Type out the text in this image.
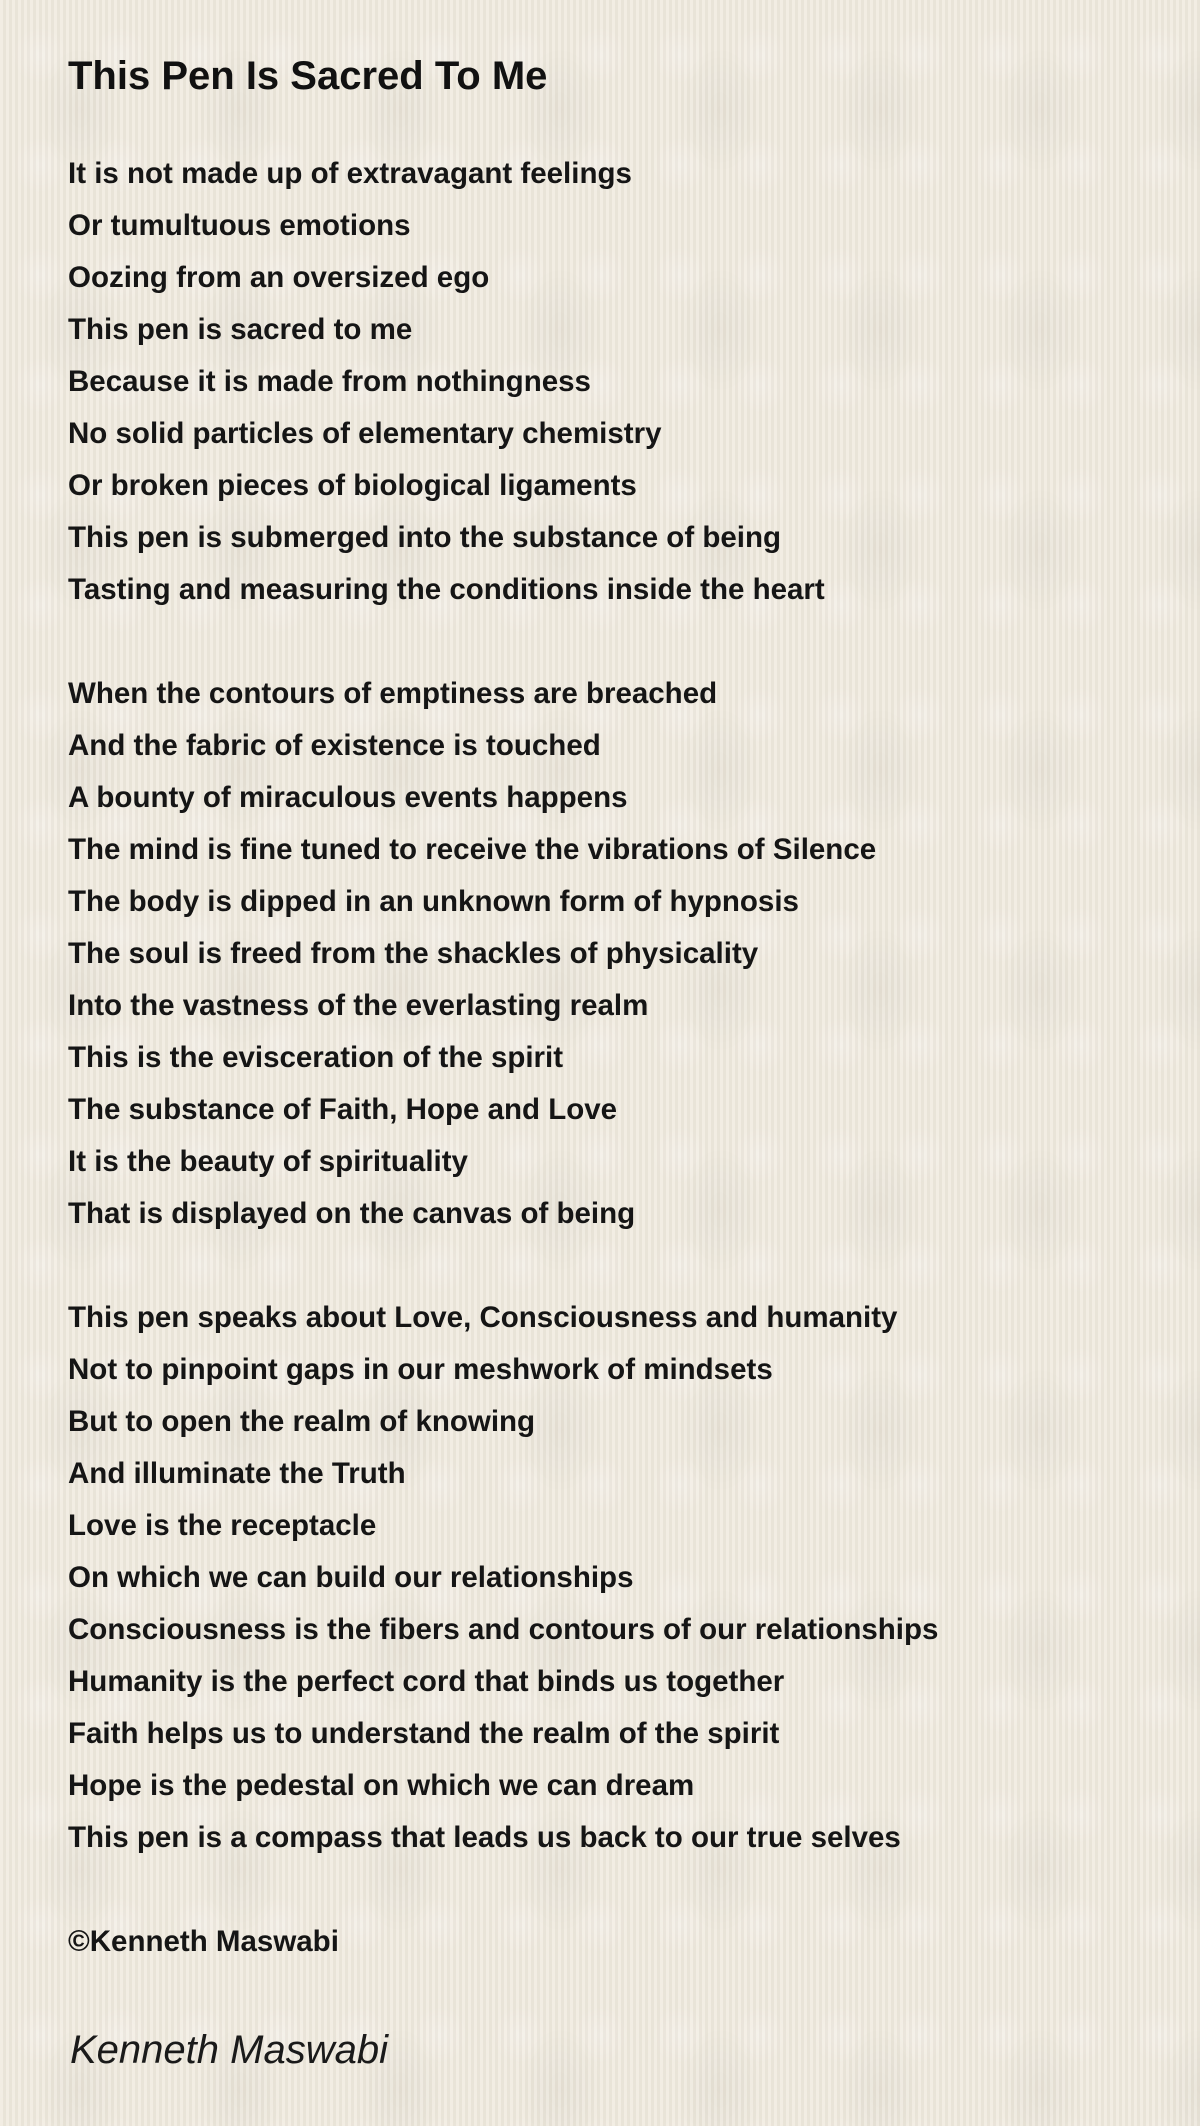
This Pen Is Sacred To Me
It is not made up of extravagant feelings
Or tumultuous emotions
Oozing from an oversized ego
This pen is sacred to me
Because it is made from nothingness
No solid particles of elementary chemistry
Or broken pieces of biological ligaments
This pen is submerged into the substance of being
Tasting and measuring the conditions inside the heart
When the contours of emptiness are breached
And the fabric of existence is touched
A bounty of miraculous events happens
The mind is fine tuned to receive the vibrations of Silence
The body is dipped in an unknown form of hypnosis
The soul is freed from the shackles of physicality
Into the vastness of the everlasting realm
This is the evisceration of the spirit
The substance of Faith, Hope and Love
It is the beauty of spirituality
That is displayed on the canvas of being
This pen speaks about Love, Consciousness and humanity
Not to pinpoint gaps in our meshwork of mindsets
But to open the realm of knowing
And illuminate the Truth
Love is the receptacle
On which we can build our relationships
Consciousness is the fibers and contours of our relationships
Humanity is the perfect cord that binds us together
Faith helps us to understand the realm of the spirit
Hope is the pedestal on which we can dream
This pen is a compass that leads us back to our true selves
©Kenneth Maswabi
Kenneth Maswabi
